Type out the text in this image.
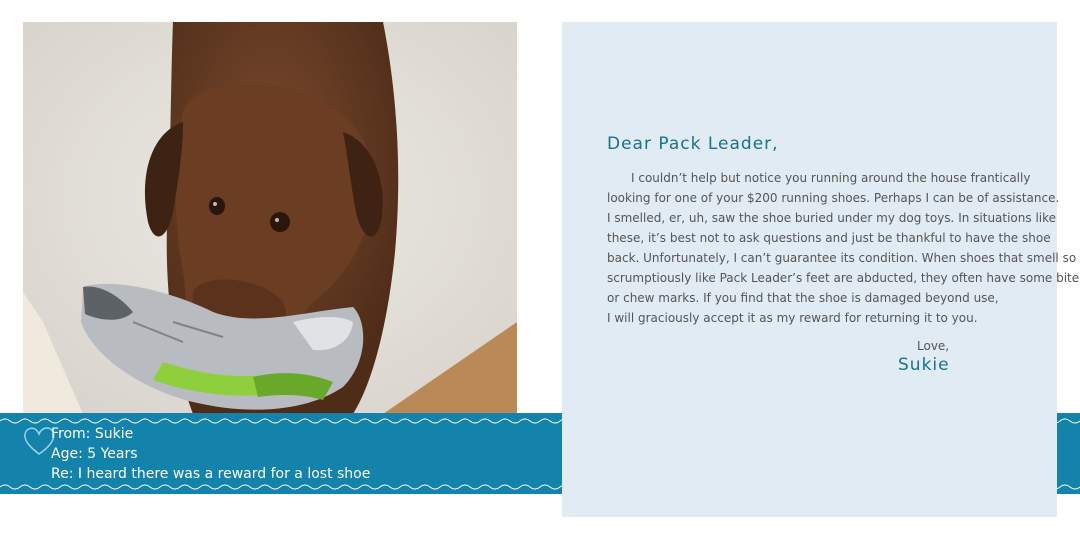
From: Sukie
Age: 5 Years
Re: I heard there was a reward for a lost shoe
Dear Pack Leader,
I couldn’t help but notice you running around the house frantically
looking for one of your $200 running shoes. Perhaps I can be of assistance.
I smelled, er, uh, saw the shoe buried under my dog toys. In situations like
these, it’s best not to ask questions and just be thankful to have the shoe
back. Unfortunately, I can’t guarantee its condition. When shoes that smell so
scrumptiously like Pack Leader’s feet are abducted, they often have some bite
or chew marks. If you find that the shoe is damaged beyond use,
I will graciously accept it as my reward for returning it to you.
Love,
Sukie
